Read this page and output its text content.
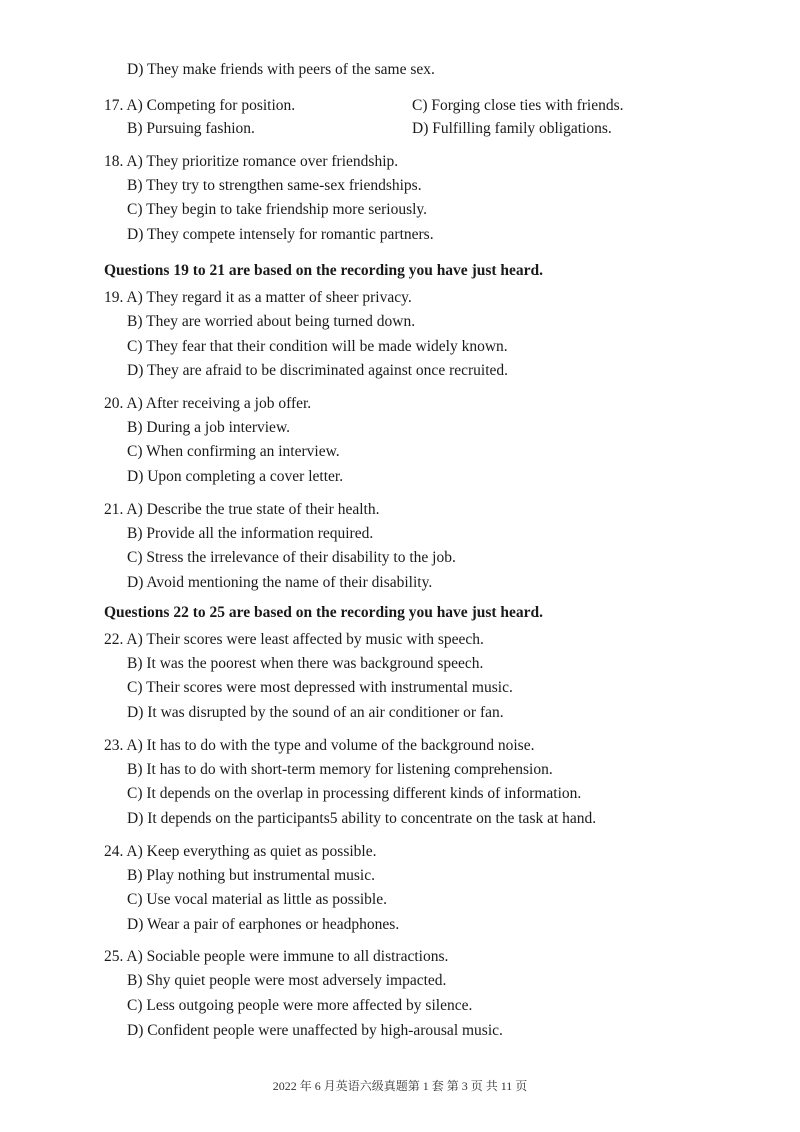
D) They make friends with peers of the same sex.
17. A) Competing for position.	C) Forging close ties with friends.
B) Pursuing fashion.	D) Fulfilling family obligations.
18. A) They prioritize romance over friendship.
B) They try to strengthen same-sex friendships.
C) They begin to take friendship more seriously.
D) They compete intensely for romantic partners.
Questions 19 to 21 are based on the recording you have just heard.
19. A) They regard it as a matter of sheer privacy.
B) They are worried about being turned down.
C) They fear that their condition will be made widely known.
D) They are afraid to be discriminated against once recruited.
20. A) After receiving a job offer.
B) During a job interview.
C) When confirming an interview.
D) Upon completing a cover letter.
21. A) Describe the true state of their health.
B) Provide all the information required.
C) Stress the irrelevance of their disability to the job.
D) Avoid mentioning the name of their disability.
Questions 22 to 25 are based on the recording you have just heard.
22. A) Their scores were least affected by music with speech.
B) It was the poorest when there was background speech.
C) Their scores were most depressed with instrumental music.
D) It was disrupted by the sound of an air conditioner or fan.
23. A) It has to do with the type and volume of the background noise.
B) It has to do with short-term memory for listening comprehension.
C) It depends on the overlap in processing different kinds of information.
D) It depends on the participants5 ability to concentrate on the task at hand.
24. A) Keep everything as quiet as possible.
B) Play nothing but instrumental music.
C) Use vocal material as little as possible.
D) Wear a pair of earphones or headphones.
25. A) Sociable people were immune to all distractions.
B) Shy quiet people were most adversely impacted.
C) Less outgoing people were more affected by silence.
D) Confident people were unaffected by high-arousal music.
2022 年 6 月英语六级真题第 1 套 第 3 页 共 11 页
